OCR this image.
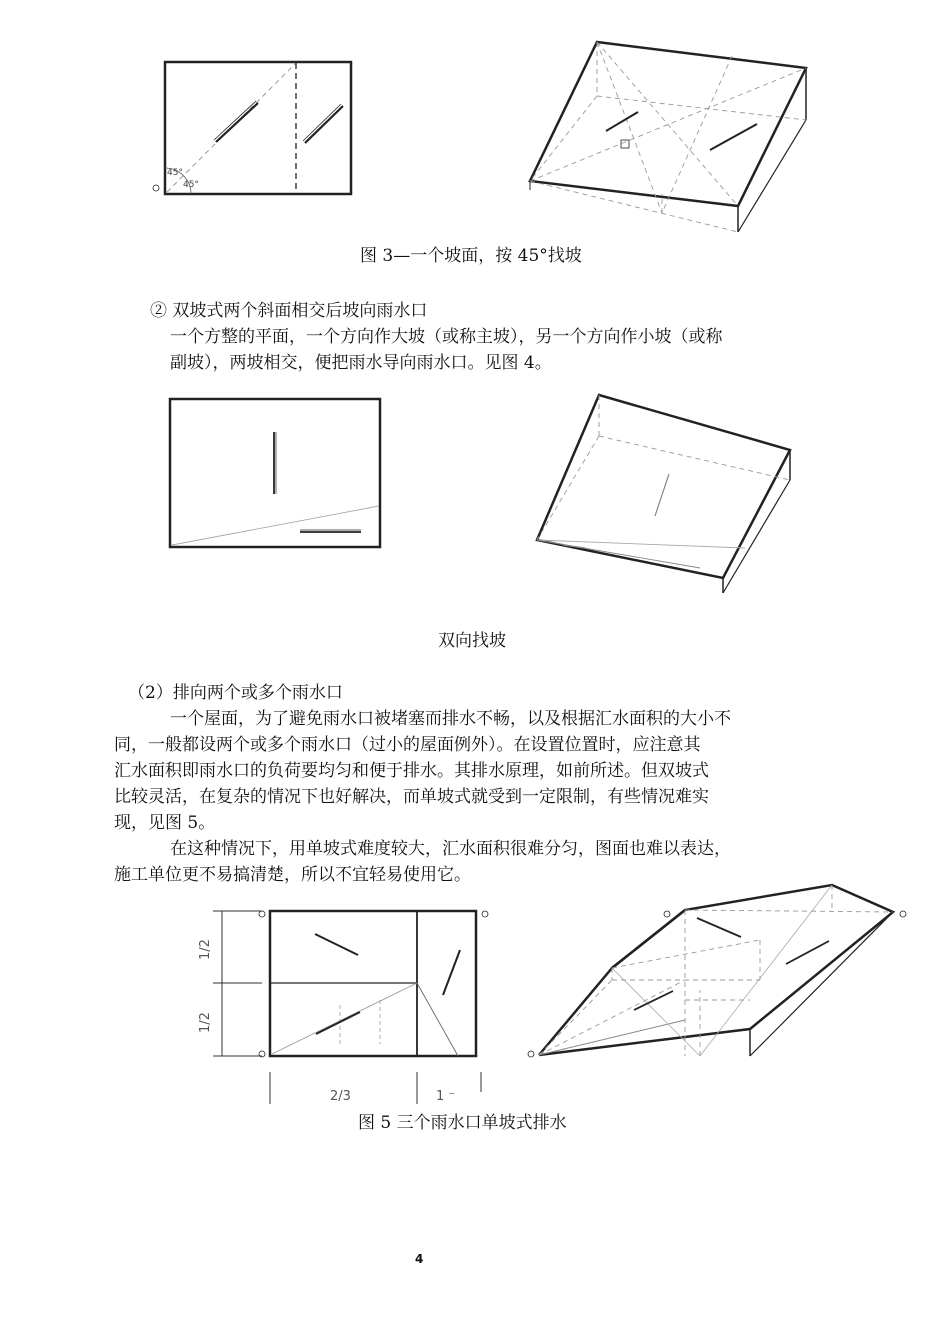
45°
45°
图 3—一个坡面，按 45°找坡
② 双坡式两个斜面相交后坡向雨水口
一个方整的平面，一个方向作大坡（或称主坡），另一个方向作小坡（或称
副坡），两坡相交，便把雨水导向雨水口。见图 4。
双向找坡
（2）排向两个或多个雨水口
一个屋面，为了避免雨水口被堵塞而排水不畅，以及根据汇水面积的大小不
同，一般都设两个或多个雨水口（过小的屋面例外）。在设置位置时，应注意其
汇水面积即雨水口的负荷要均匀和便于排水。其排水原理，如前所述。但双坡式
比较灵活，在复杂的情况下也好解决，而单坡式就受到一定限制，有些情况难实
现，见图 5。
在这种情况下，用单坡式难度较大，汇水面积很难分匀，图面也难以表达，
施工单位更不易搞清楚，所以不宜轻易使用它。
1/2
1/2
2/3	1 ⁻
图 5 三个雨水口单坡式排水
4
